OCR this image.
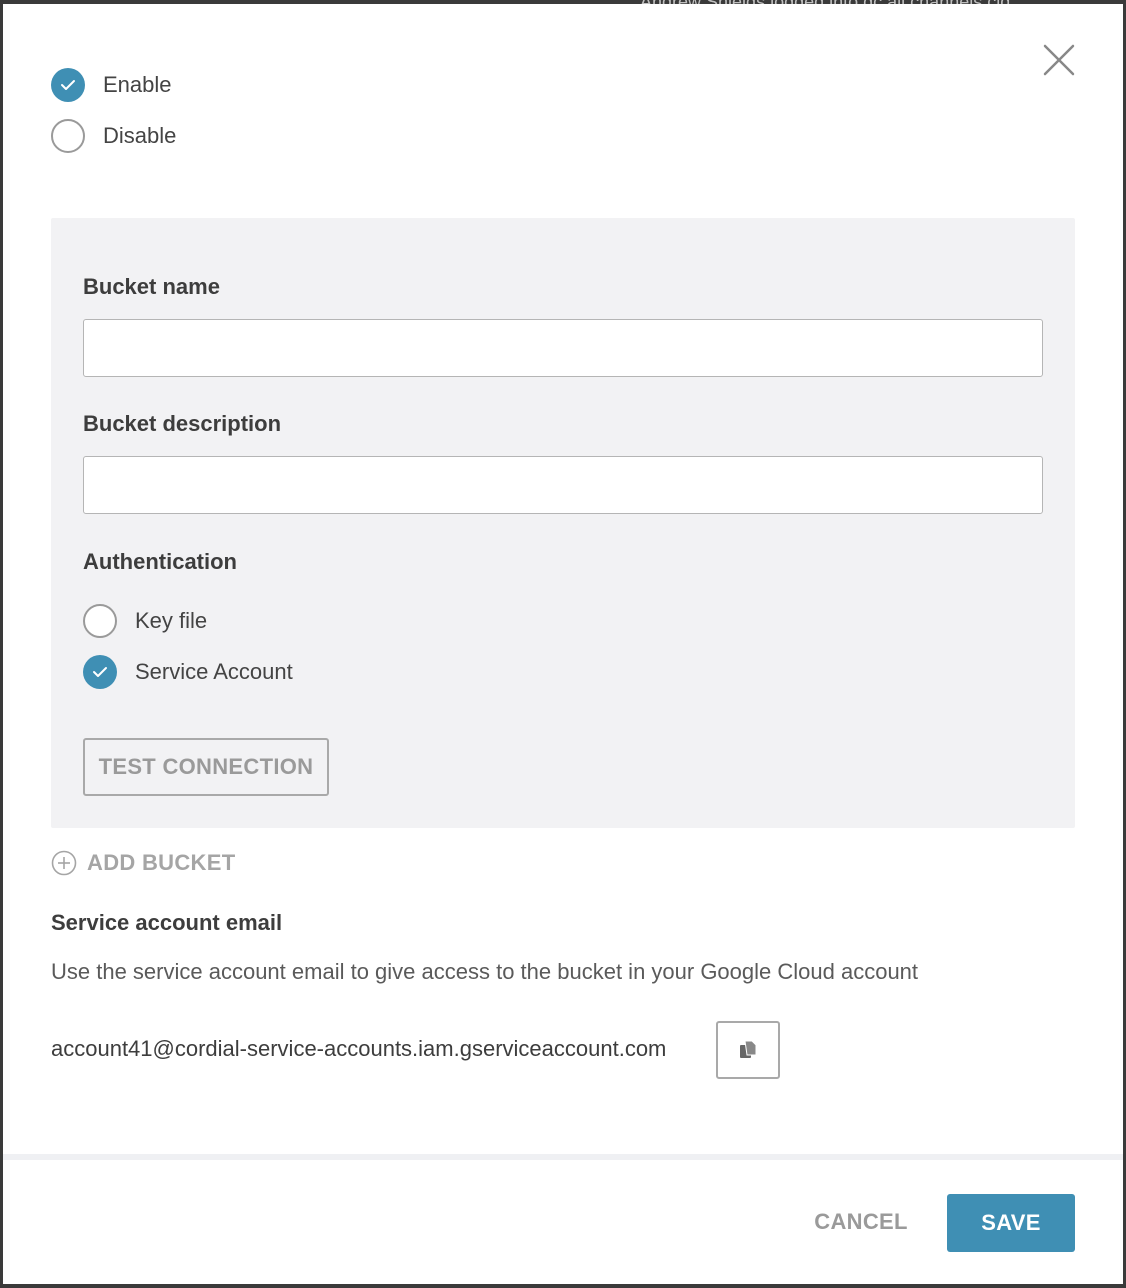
Enable
Disable
Bucket name
Bucket description
Authentication
Key file
Service Account
TEST CONNECTION
ADD BUCKET
Service account email
Use the service account email to give access to the bucket in your Google Cloud account
account41@cordial-service-accounts.iam.gserviceaccount.com
CANCEL	SAVE
